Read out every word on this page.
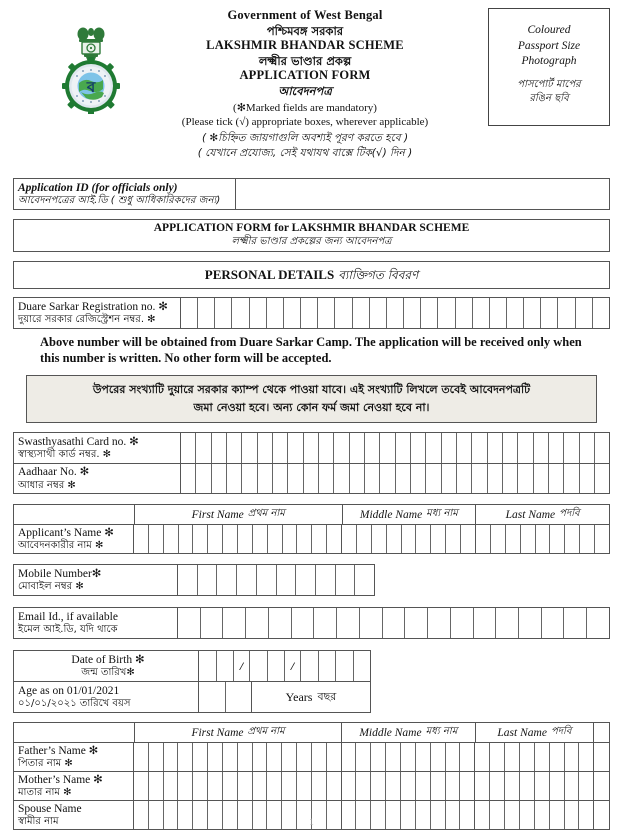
ব
Government of West Bengal
পশ্চিমবঙ্গ সরকার
LAKSHMIR BHANDAR SCHEME
লক্ষ্মীর ভাণ্ডার প্রকল্প
APPLICATION FORM
আবেদনপত্র
(✻Marked fields are mandatory)
(Please tick (√) appropriate boxes, wherever applicable)
( ✻চিহ্নিত জায়গাগুলি অবশ্যই পূরণ করতে হবে )
( যেখানে প্রযোজ্য, সেই যথাযথ বাক্সে টিক(√) দিন )
Coloured
Passport Size
Photograph
পাসপোর্ট মাপের
রঙিন ছবি
Application ID (for officials only)
আবেদনপত্রের আই.ডি ( শুধু আধিকারিকদের জন্য)
APPLICATION FORM for LAKSHMIR BHANDAR SCHEME
লক্ষ্মীর ভাণ্ডার প্রকল্পের জন্য আবেদনপত্র
PERSONAL DETAILS ব্যাক্তিগত বিবরণ
Duare Sarkar Registration no. ✻
দুয়ারে সরকার রেজিস্ট্রেশন নম্বর. ✻
Above number will be obtained from Duare Sarkar Camp. The application will be received only when this number is written. No other form will be accepted.
উপরের সংখ্যাটি দুয়ারে সরকার ক্যাম্প থেকে পাওয়া যাবে। এই সংখ্যাটি লিখলে তবেই আবেদনপত্রটি
জমা নেওয়া হবে। অন্য কোন ফর্ম জমা নেওয়া হবে না।
Swasthyasathi Card no. ✻
স্বাস্থ্যসাথী কার্ড নম্বর. ✻
Aadhaar No. ✻
আধার নম্বর ✻
First Name প্রথম নাম	Middle Name মধ্য নাম	Last Name পদবি
Applicant’s Name ✻
আবেদনকারীর নাম ✻
Mobile Number✻
মোবাইল নম্বর ✻
Email Id., if available
ইমেল আই.ডি, যদি থাকে
Date of Birth ✻
জন্ম তারিখ✻	/	/
Age as on 01/01/2021
০১/০১/২০২১ তারিখে বয়স	Years বছর
First Name প্রথম নাম	Middle Name মধ্য নাম	Last Name পদবি
Father’s Name ✻
পিতার নাম ✻
Mother’s Name ✻
মাতার নাম ✻
Spouse Name
স্বামীর নাম	1
